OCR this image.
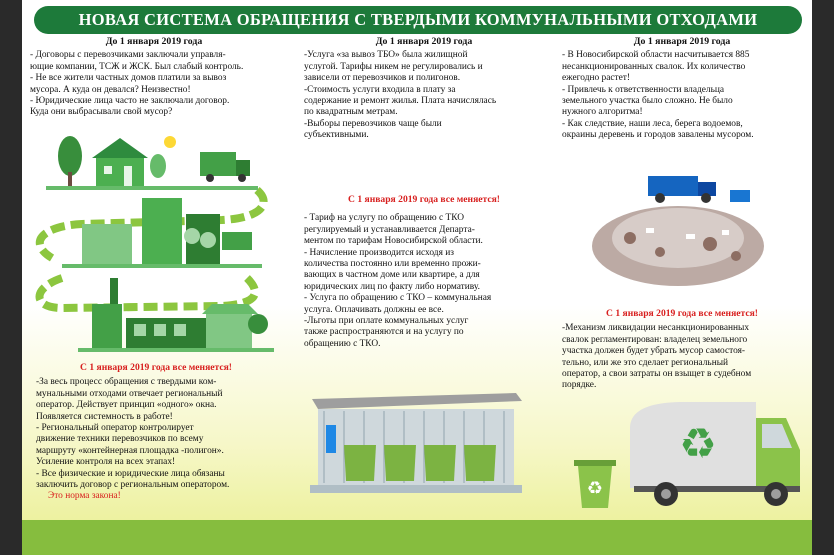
НОВАЯ СИСТЕМА ОБРАЩЕНИЯ С ТВЕРДЫМИ КОММУНАЛЬНЫМИ ОТХОДАМИ

До 1 января 2019 года

- Договоры с перевозчиками заключали управля-

ющие компании, ТСЖ и ЖСК. Был слабый контроль.

- Не все жители частных домов платили за вывоз

мусора. А куда он девался? Неизвестно!

- Юридические лица часто не заключали договор.

Куда они выбрасывали свой мусор?

С 1 января 2019 года все меняется!

-За весь процесс обращения с твердыми ком-

мунальными отходами отвечает региональный

оператор. Действует принцип «одного» окна.

Появляется системность в работе!

- Региональный оператор контролирует

движение техники перевозчиков по всему

маршруту «контейнерная площадка -полигон».

Усиление контроля на всех этапах!

- Все физические и юридические лица обязаны

заключить договор с региональным оператором.

Это норма закона!

До 1 января 2019 года

-Услуга «за вывоз ТБО» была жилищной

услугой. Тарифы никем не регулировались и

зависели от перевозчиков и полигонов.

-Стоимость услуги входила в плату за

содержание и ремонт жилья. Плата начислялась

по квадратным метрам.

-Выборы перевозчиков чаще были

субъективными.

С 1 января 2019 года все меняется!

- Тариф на услугу по обращению с ТКО

регулируемый и устанавливается Департа-

ментом по тарифам Новосибирской области.

- Начисление производится исходя из

количества постоянно или временно прожи-

вающих в частном доме или квартире, а для

юридических лиц по факту либо нормативу.

- Услуга по обращению с ТКО – коммунальная

услуга. Оплачивать должны ее все.

-Льготы при оплате коммунальных услуг

также распространяются и на услугу по

обращению с ТКО.

До 1 января 2019 года

- В Новосибирской области насчитывается 885

несанкционированных свалок. Их количество

ежегодно растет!

- Привлечь к ответственности владельца

земельного участка было сложно. Не было

нужного алгоритма!

- Как следствие, наши леса, берега водоемов,

окраины деревень и городов завалены мусором.

С 1 января 2019 года все меняется!

-Механизм ликвидации несанкционированных

свалок регламентирован: владелец земельного

участка должен будет убрать мусор самостоя-

тельно, или же это сделает региональный

оператор, а свои затраты он взыщет в судебном

порядке.

♻
♻
